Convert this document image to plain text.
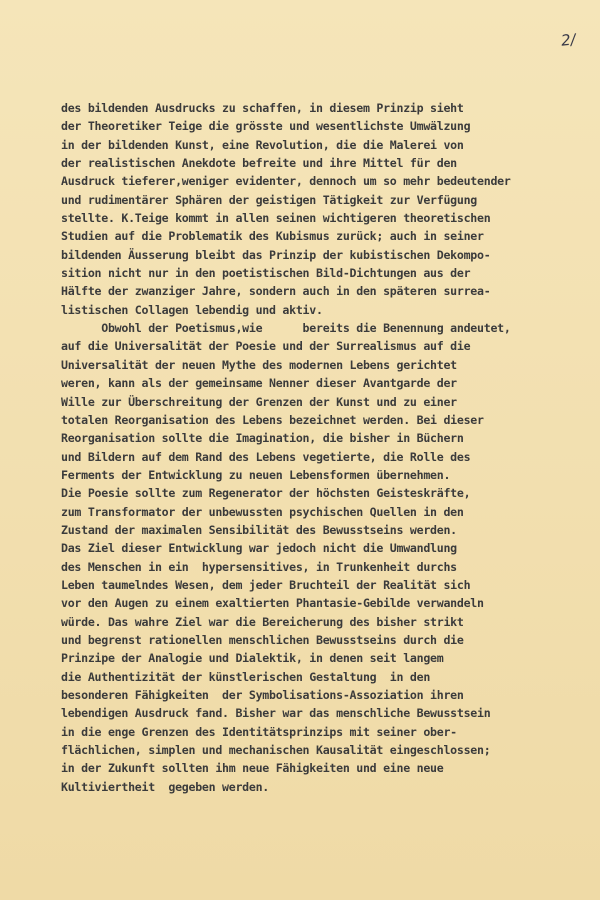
2/
des bildenden Ausdrucks zu schaffen, in diesem Prinzip sieht
der Theoretiker Teige die grösste und wesentlichste Umwälzung
in der bildenden Kunst, eine Revolution, die die Malerei von
der realistischen Anekdote befreite und ihre Mittel für den
Ausdruck tieferer,weniger evidenter, dennoch um so mehr bedeutender
und rudimentärer Sphären der geistigen Tätigkeit zur Verfügung
stellte. K.Teige kommt in allen seinen wichtigeren theoretischen
Studien auf die Problematik des Kubismus zurück; auch in seiner
bildenden Äusserung bleibt das Prinzip der kubistischen Dekompo-
sition nicht nur in den poetistischen Bild-Dichtungen aus der
Hälfte der zwanziger Jahre, sondern auch in den späteren surrea-
listischen Collagen lebendig und aktiv.
Obwohl der Poetismus,wie      bereits die Benennung andeutet,
auf die Universalität der Poesie und der Surrealismus auf die
Universalität der neuen Mythe des modernen Lebens gerichtet
weren, kann als der gemeinsame Nenner dieser Avantgarde der
Wille zur Überschreitung der Grenzen der Kunst und zu einer
totalen Reorganisation des Lebens bezeichnet werden. Bei dieser
Reorganisation sollte die Imagination, die bisher in Büchern
und Bildern auf dem Rand des Lebens vegetierte, die Rolle des
Ferments der Entwicklung zu neuen Lebensformen übernehmen.
Die Poesie sollte zum Regenerator der höchsten Geisteskräfte,
zum Transformator der unbewussten psychischen Quellen in den
Zustand der maximalen Sensibilität des Bewusstseins werden.
Das Ziel dieser Entwicklung war jedoch nicht die Umwandlung
des Menschen in ein  hypersensitives, in Trunkenheit durchs
Leben taumelndes Wesen, dem jeder Bruchteil der Realität sich
vor den Augen zu einem exaltierten Phantasie-Gebilde verwandeln
würde. Das wahre Ziel war die Bereicherung des bisher strikt
und begrenst rationellen menschlichen Bewusstseins durch die
Prinzipe der Analogie und Dialektik, in denen seit langem
die Authentizität der künstlerischen Gestaltung  in den
besonderen Fähigkeiten  der Symbolisations-Assoziation ihren
lebendigen Ausdruck fand. Bisher war das menschliche Bewusstsein
in die enge Grenzen des Identitätsprinzips mit seiner ober-
flächlichen, simplen und mechanischen Kausalität eingeschlossen;
in der Zukunft sollten ihm neue Fähigkeiten und eine neue
Kultiviertheit  gegeben werden.
